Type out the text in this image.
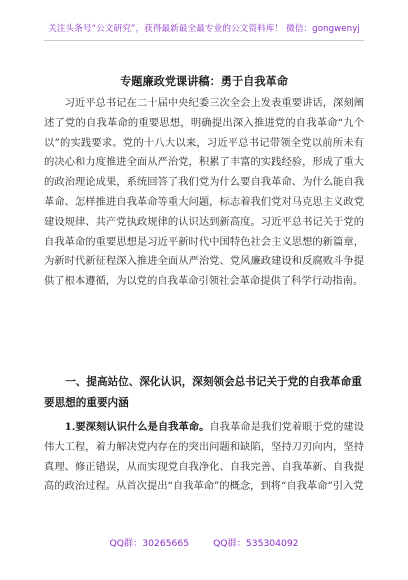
关注头条号“公文研究”，获得最新最全最专业的公文资料库！ 微信：gongwenyj
专题廉政党课讲稿：勇于自我革命

习近平总书记在二十届中央纪委三次全会上发表重要讲话，深刻阐述了党的自我革命的重要思想，明确提出深入推进党的自我革命“九个以”的实践要求。党的十八大以来，习近平总书记带领全党以前所未有的决心和力度推进全面从严治党，积累了丰富的实践经验，形成了重大的政治理论成果，系统回答了我们党为什么要自我革命、为什么能自我革命、怎样推进自我革命等重大问题，标志着我们党对马克思主义政党建设规律、共产党执政规律的认识达到新高度。习近平总书记关于党的自我革命的重要思想是习近平新时代中国特色社会主义思想的新篇章，为新时代新征程深入推进全面从严治党、党风廉政建设和反腐败斗争提供了根本遵循，为以党的自我革命引领社会革命提供了科学行动指南。

一、提高站位、深化认识，深刻领会总书记关于党的自我革命重要思想的重要内涵

1.要深刻认识什么是自我革命。自我革命是我们党着眼于党的建设伟大工程，着力解决党内存在的突出问题和缺陷，坚持刀刃向内，坚持真理、修正错误，从而实现党自我净化、自我完善、自我革新、自我提高的政治过程。从首次提出“自我革命”的概念，到将“自我革命”引入党

QQ群：30265665	QQ群：535304092
